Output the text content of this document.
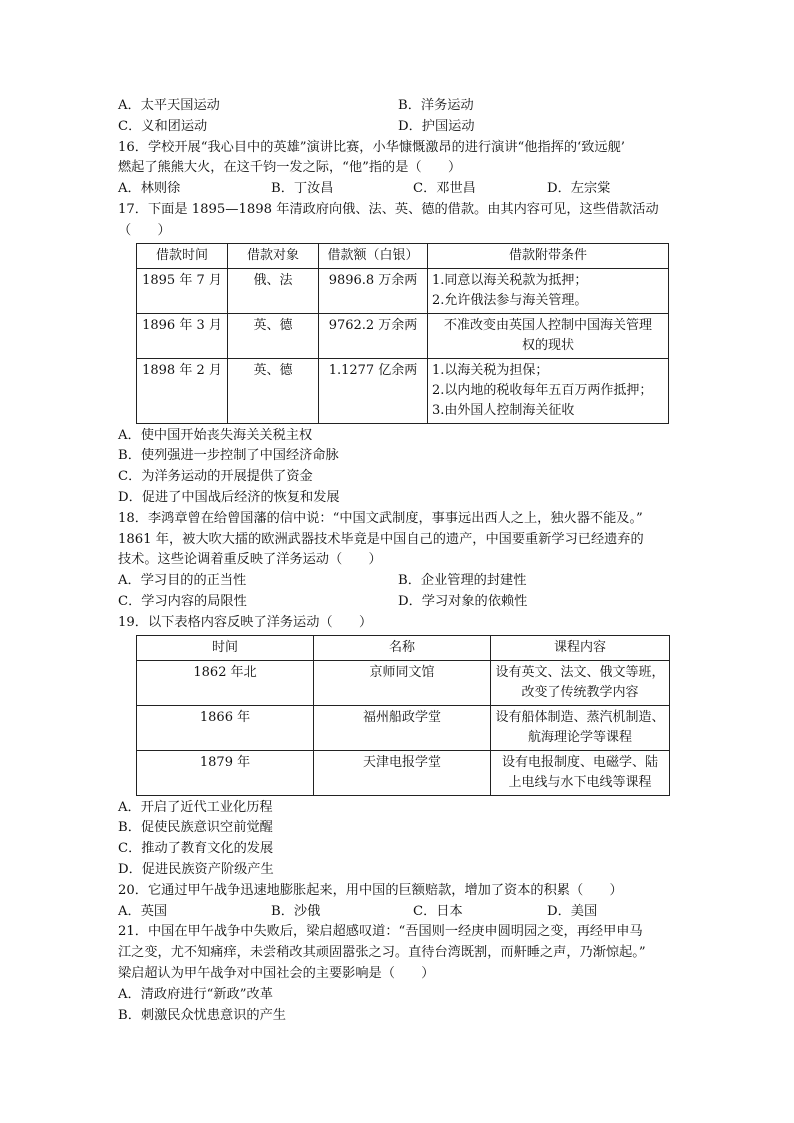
A．太平天国运动	B．洋务运动
C．义和团运动	D．护国运动
16．学校开展“我心目中的英雄”演讲比赛，小华慷慨激昂的进行演讲“他指挥的‘致远舰’
燃起了熊熊大火，在这千钧一发之际，“他”指的是（　　）
A．林则徐	B．丁汝昌	C．邓世昌	D．左宗棠
17．下面是 1895—1898 年清政府向俄、法、英、德的借款。由其内容可见，这些借款活动
（　　）
借款时间	借款对象	借款额（白银）	借款附带条件
1895 年 7 月	俄、法	9896.8 万余两	1.同意以海关税款为抵押；
2.允许俄法参与海关管理。

1896 年 3 月	英、德	9762.2 万余两	不准改变由英国人控制中国海关管理
权的现状

1898 年 2 月	英、德	1.1277 亿余两	1.以海关税为担保；
2.以内地的税收每年五百万两作抵押；
3.由外国人控制海关征收
A．使中国开始丧失海关关税主权
B．使列强进一步控制了中国经济命脉
C．为洋务运动的开展提供了资金
D．促进了中国战后经济的恢复和发展
18．李鸿章曾在给曾国藩的信中说：“中国文武制度，事事远出西人之上，独火器不能及。”
1861 年，被大吹大擂的欧洲武器技术毕竟是中国自己的遗产，中国要重新学习已经遗弃的
技术。这些论调着重反映了洋务运动（　　）
A．学习目的的正当性	B．企业管理的封建性
C．学习内容的局限性	D．学习对象的依赖性
19．以下表格内容反映了洋务运动（　　）
时间	名称	课程内容
1862 年北	京师同文馆	设有英文、法文、俄文等班，
改变了传统教学内容

1866 年	福州船政学堂	设有船体制造、蒸汽机制造、
航海理论学等课程

1879 年	天津电报学堂	设有电报制度、电磁学、陆
上电线与水下电线等课程
A．开启了近代工业化历程
B．促使民族意识空前觉醒
C．推动了教育文化的发展
D．促进民族资产阶级产生
20．它通过甲午战争迅速地膨胀起来，用中国的巨额赔款，增加了资本的积累（　　）
A．英国	B．沙俄	C．日本	D．美国
21．中国在甲午战争中失败后，梁启超感叹道：“吾国则一经庚申圆明园之变，再经甲申马
江之变，尤不知痛痒，未尝稍改其顽固嚣张之习。直待台湾既割，而鼾睡之声，乃渐惊起。”
梁启超认为甲午战争对中国社会的主要影响是（　　）
A．清政府进行“新政”改革
B．刺激民众忧患意识的产生
